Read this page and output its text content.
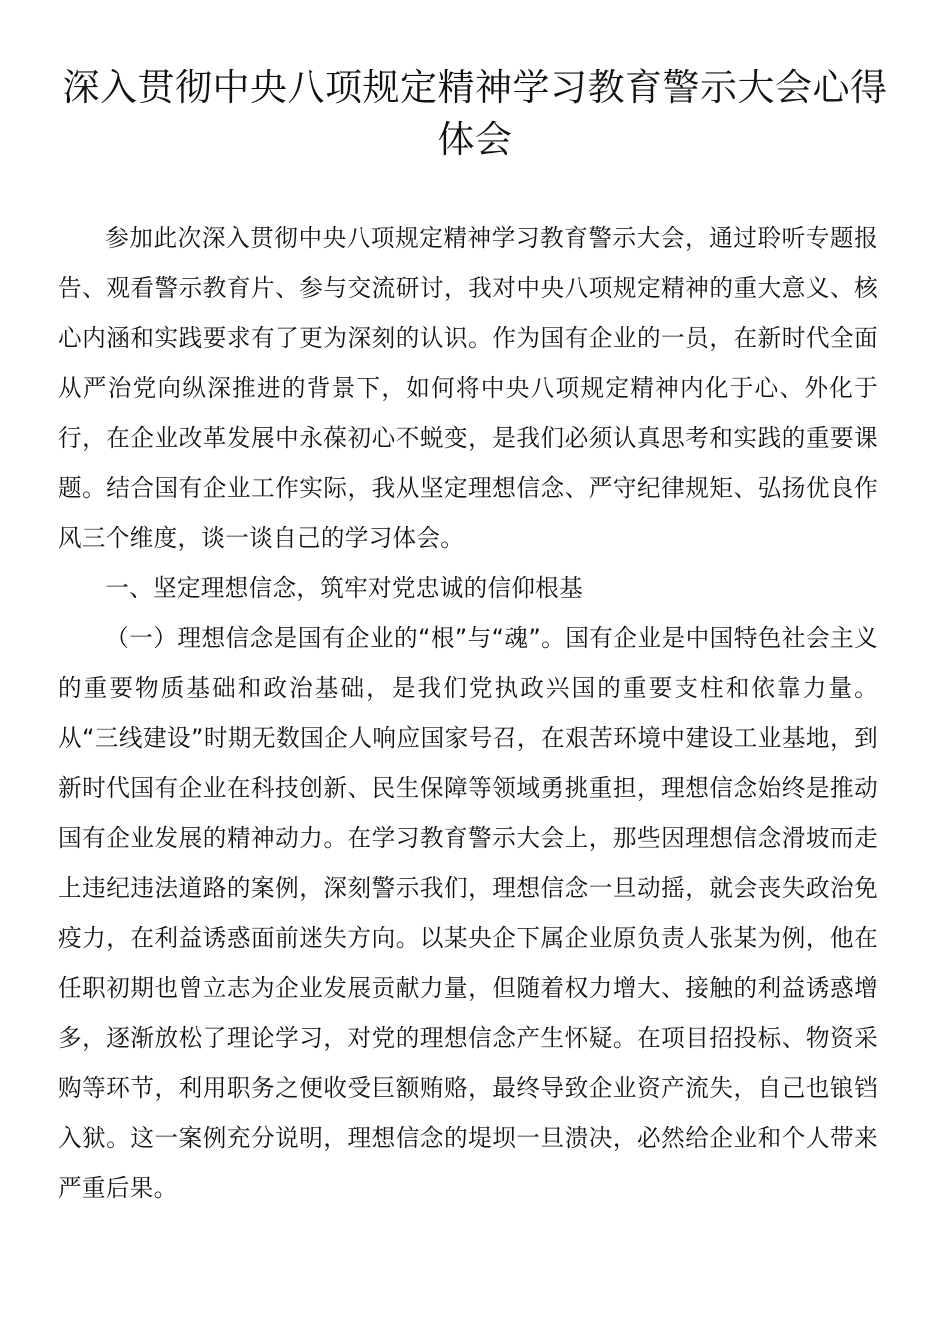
深入贯彻中央八项规定精神学习教育警示大会心得体会

参加此次深入贯彻中央八项规定精神学习教育警示大会，通过聆听专题报告、观看警示教育片、参与交流研讨，我对中央八项规定精神的重大意义、核心内涵和实践要求有了更为深刻的认识。作为国有企业的一员，在新时代全面从严治党向纵深推进的背景下，如何将中央八项规定精神内化于心、外化于行，在企业改革发展中永葆初心不蜕变，是我们必须认真思考和实践的重要课题。结合国有企业工作实际，我从坚定理想信念、严守纪律规矩、弘扬优良作风三个维度，谈一谈自己的学习体会。

一、坚定理想信念，筑牢对党忠诚的信仰根基

（一）理想信念是国有企业的“根”与“魂”。国有企业是中国特色社会主义的重要物质基础和政治基础，是我们党执政兴国的重要支柱和依靠力量。从“三线建设”时期无数国企人响应国家号召，在艰苦环境中建设工业基地，到新时代国有企业在科技创新、民生保障等领域勇挑重担，理想信念始终是推动国有企业发展的精神动力。在学习教育警示大会上，那些因理想信念滑坡而走上违纪违法道路的案例，深刻警示我们，理想信念一旦动摇，就会丧失政治免疫力，在利益诱惑面前迷失方向。以某央企下属企业原负责人张某为例，他在任职初期也曾立志为企业发展贡献力量，但随着权力增大、接触的利益诱惑增多，逐渐放松了理论学习，对党的理想信念产生怀疑。在项目招投标、物资采购等环节，利用职务之便收受巨额贿赂，最终导致企业资产流失，自己也锒铛入狱。这一案例充分说明，理想信念的堤坝一旦溃决，必然给企业和个人带来严重后果。
